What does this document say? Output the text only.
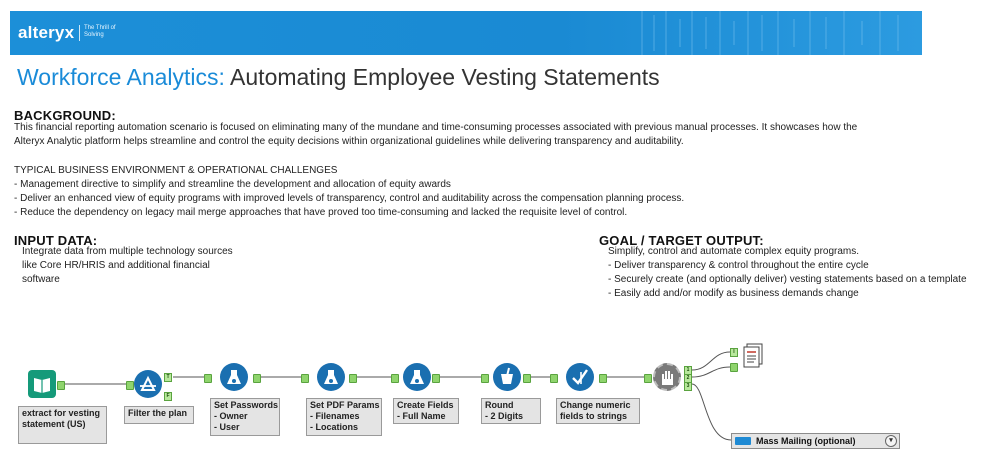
alteryx The Thrill of Solving
Workforce Analytics: Automating Employee Vesting Statements
BACKGROUND:
This financial reporting automation scenario is focused on eliminating many of the mundane and time-consuming processes associated with previous manual processes. It showcases how the
Alteryx Analytic platform helps streamline and control the equity decisions within organizational guidelines while delivering transparency and auditability.
TYPICAL BUSINESS ENVIRONMENT & OPERATIONAL CHALLENGES
- Management directive to simplify and streamline the development and allocation of equity awards
- Deliver an enhanced view of equity programs with improved levels of transparency, control and auditability across the compensation planning process.
- Reduce the dependency on legacy mail merge approaches that have proved too time-consuming and lacked the requisite level of control.
INPUT DATA:
Integrate data from multiple technology sources
like Core HR/HRIS and additional financial
software
GOAL / TARGET OUTPUT:
Simplify, control and automate complex equity programs.
- Deliver transparency & control throughout the entire cycle
- Securely create (and optionally deliver) vesting statements based on a template
- Easily add and/or modify as business demands change
extract for vesting
statement (US)
T
F
Filter the plan
Set Passwords
- Owner
- User
Set PDF Params
- Filenames
- Locations
Create Fields
- Full Name
Round
- 2 Digits
Change numeric
fields to strings
1
2
3
I
Mass Mailing (optional)	▾
